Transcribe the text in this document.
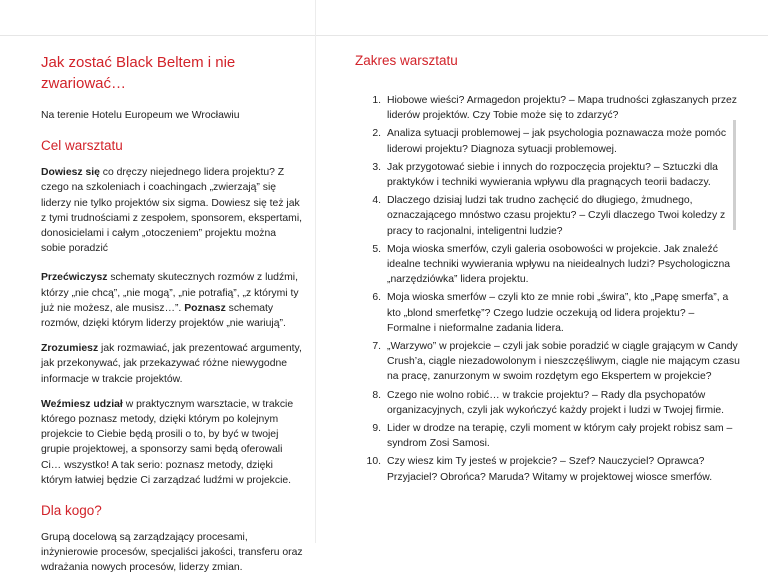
Jak zostać Black Beltem i nie zwariować…

Na terenie Hotelu Europeum we Wrocławiu

Cel warsztatu

Dowiesz się co dręczy niejednego lidera projektu? Z czego na szkoleniach i coachingach „zwierzają” się liderzy nie tylko projektów six sigma. Dowiesz się też jak z tymi trudnościami z zespołem, sponsorem, ekspertami, donosicielami i całym „otoczeniem” projektu można sobie poradzić

Przećwiczysz schematy skutecznych rozmów z ludźmi, którzy „nie chcą”, „nie mogą”, „nie potrafią”, „z którymi ty już nie możesz, ale musisz…”. Poznasz schematy rozmów, dzięki którym liderzy projektów „nie wariują”.

Zrozumiesz jak rozmawiać, jak prezentować argumenty, jak przekonywać, jak przekazywać różne niewygodne informacje w trakcie projektów.

Weźmiesz udział w praktycznym warsztacie, w trakcie którego poznasz metody, dzięki którym po kolejnym projekcie to Ciebie będą prosili o to, by być w twojej grupie projektowej, a sponsorzy sami będą oferowali Ci… wszystko! A tak serio: poznasz metody, dzięki którym łatwiej będzie Ci zarządzać ludźmi w projekcie.

Dla kogo?

Grupą docelową są zarządzający procesami, inżynierowie procesów, specjaliści jakości, transferu oraz wdrażania nowych procesów, liderzy zmian.

Zakres warsztatu
1. Hiobowe wieści? Armagedon projektu? – Mapa trudności zgłaszanych przez liderów projektów. Czy Tobie może się to zdarzyć?
2. Analiza sytuacji problemowej – jak psychologia poznawacza może pomóc liderowi projektu? Diagnoza sytuacji problemowej.
3. Jak przygotować siebie i innych do rozpoczęcia projektu? – Sztuczki dla praktyków i techniki wywierania wpływu dla pragnących teorii badaczy.
4. Dlaczego dzisiaj ludzi tak trudno zachęcić do długiego, żmudnego, oznaczającego mnóstwo czasu projektu? – Czyli dlaczego Twoi koledzy z pracy to racjonalni, inteligentni ludzie?
5. Moja wioska smerfów, czyli galeria osobowości w projekcie. Jak znaleźć idealne techniki wywierania wpływu na nieidealnych ludzi? Psychologiczna „narzędziówka” lidera projektu.
6. Moja wioska smerfów – czyli kto ze mnie robi „świra”, kto „Papę smerfa”, a kto „blond smerfetkę”? Czego ludzie oczekują od lidera projektu? – Formalne i nieformalne zadania lidera.
7. „Warzywo” w projekcie – czyli jak sobie poradzić w ciągle grającym w Candy Crush’a, ciągle niezadowolonym i nieszczęśliwym, ciągle nie mającym czasu na pracę, zanurzonym w swoim rozdętym ego Ekspertem w projekcie?
8. Czego nie wolno robić… w trakcie projektu? – Rady dla psychopatów organizacyjnych, czyli jak wykończyć każdy projekt i ludzi w Twojej firmie.
9. Lider w drodze na terapię, czyli moment w którym cały projekt robisz sam – syndrom Zosi Samosi.
10. Czy wiesz kim Ty jesteś w projekcie? – Szef? Nauczyciel? Oprawca? Przyjaciel? Obrońca? Maruda? Witamy w projektowej wiosce smerfów.
